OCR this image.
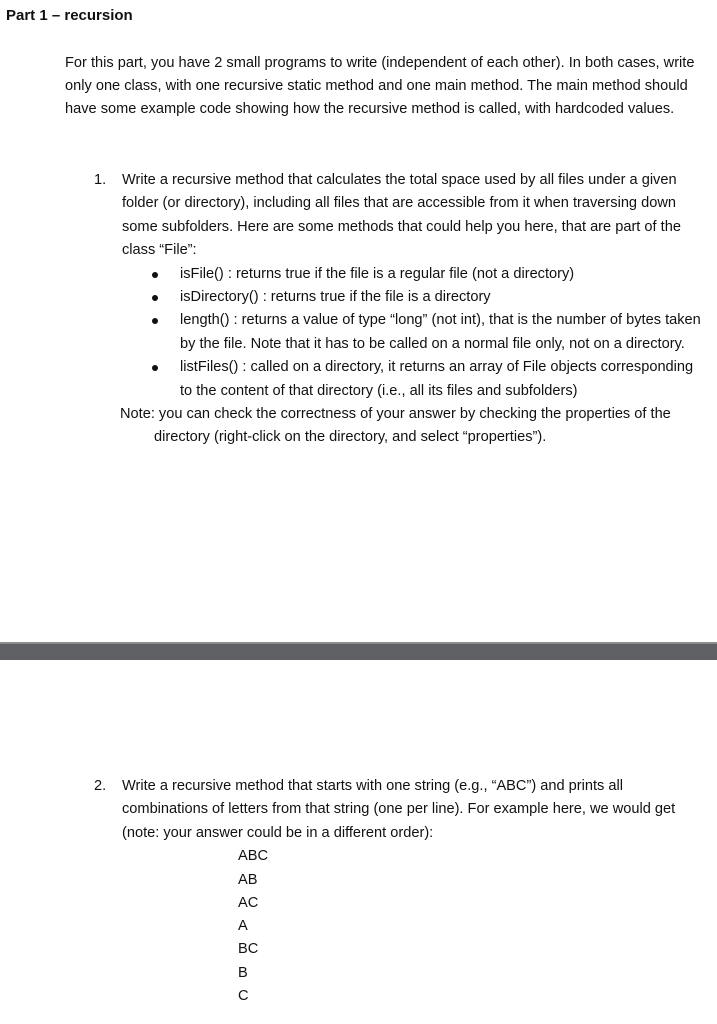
Part 1 – recursion

For this part, you have 2 small programs to write (independent of each other). In both cases, write only one class, with one recursive static method and one main method. The main method should have some example code showing how the recursive method is called, with hardcoded values.

1.	Write a recursive method that calculates the total space used by all files under a given folder (or directory), including all files that are accessible from it when traversing down some subfolders. Here are some methods that could help you here, that are part of the class “File”:
isFile() : returns true if the file is a regular file (not a directory)
isDirectory() : returns true if the file is a directory
length() : returns a value of type “long” (not int), that is the number of bytes taken by the file. Note that it has to be called on a normal file only, not on a directory.
listFiles() : called on a directory, it returns an array of File objects corresponding to the content of that directory (i.e., all its files and subfolders)
Note: you can check the correctness of your answer by checking the properties of the directory (right-click on the directory, and select “properties”).
2.	Write a recursive method that starts with one string (e.g., “ABC”) and prints all combinations of letters from that string (one per line). For example here, we would get (note: your answer could be in a different order):
ABC
AB
AC
A
BC
B
C
